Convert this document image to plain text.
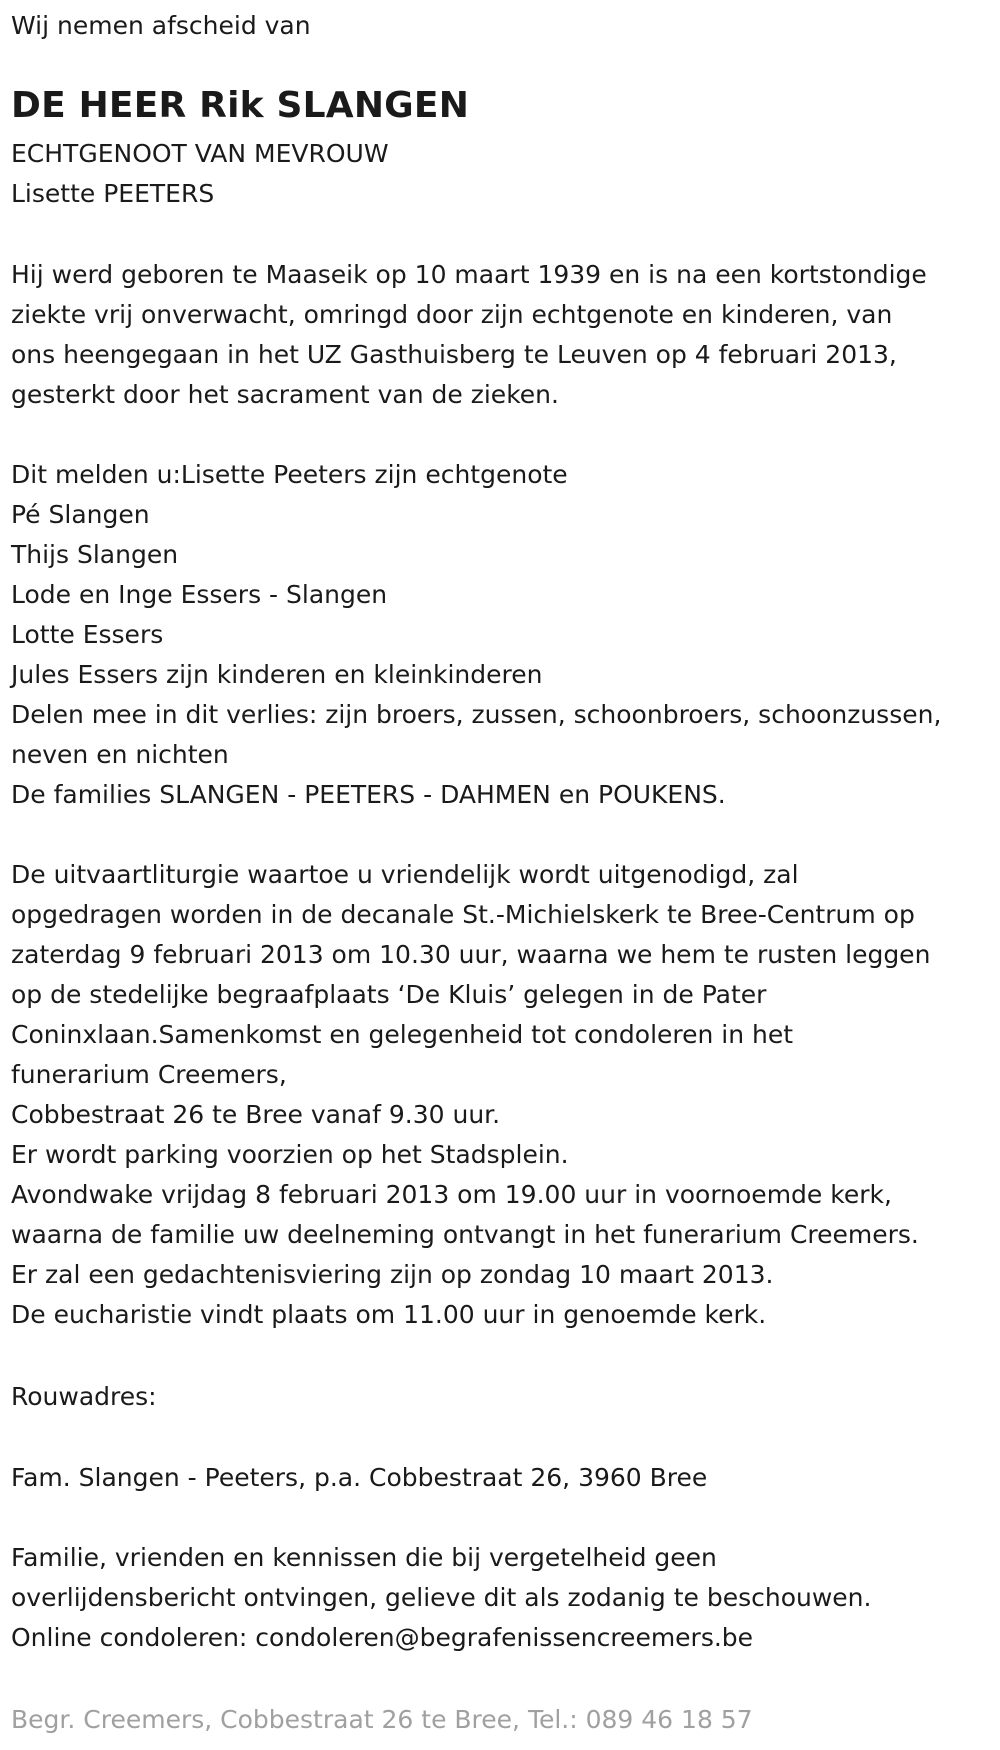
Wij nemen afscheid van
DE HEER Rik SLANGEN
ECHTGENOOT VAN MEVROUW
Lisette PEETERS
Hij werd geboren te Maaseik op 10 maart 1939 en is na een kortstondige
ziekte vrij onverwacht, omringd door zijn echtgenote en kinderen, van
ons heengegaan in het UZ Gasthuisberg te Leuven op 4 februari 2013,
gesterkt door het sacrament van de zieken.
Dit melden u:Lisette Peeters zijn echtgenote
Pé Slangen
Thijs Slangen
Lode en Inge Essers - Slangen
Lotte Essers
Jules Essers zijn kinderen en kleinkinderen
Delen mee in dit verlies: zijn broers, zussen, schoonbroers, schoonzussen,
neven en nichten
De families SLANGEN - PEETERS - DAHMEN en POUKENS.
De uitvaartliturgie waartoe u vriendelijk wordt uitgenodigd, zal
opgedragen worden in de decanale St.-Michielskerk te Bree-Centrum op
zaterdag 9 februari 2013 om 10.30 uur, waarna we hem te rusten leggen
op de stedelijke begraafplaats ‘De Kluis’ gelegen in de Pater
Coninxlaan.Samenkomst en gelegenheid tot condoleren in het
funerarium Creemers,
Cobbestraat 26 te Bree vanaf 9.30 uur.
Er wordt parking voorzien op het Stadsplein.
Avondwake vrijdag 8 februari 2013 om 19.00 uur in voornoemde kerk,
waarna de familie uw deelneming ontvangt in het funerarium Creemers.
Er zal een gedachtenisviering zijn op zondag 10 maart 2013.
De eucharistie vindt plaats om 11.00 uur in genoemde kerk.
Rouwadres:
Fam. Slangen - Peeters, p.a. Cobbestraat 26, 3960 Bree
Familie, vrienden en kennissen die bij vergetelheid geen
overlijdensbericht ontvingen, gelieve dit als zodanig te beschouwen.
Online condoleren: condoleren@begrafenissencreemers.be
Begr. Creemers, Cobbestraat 26 te Bree, Tel.: 089 46 18 57
